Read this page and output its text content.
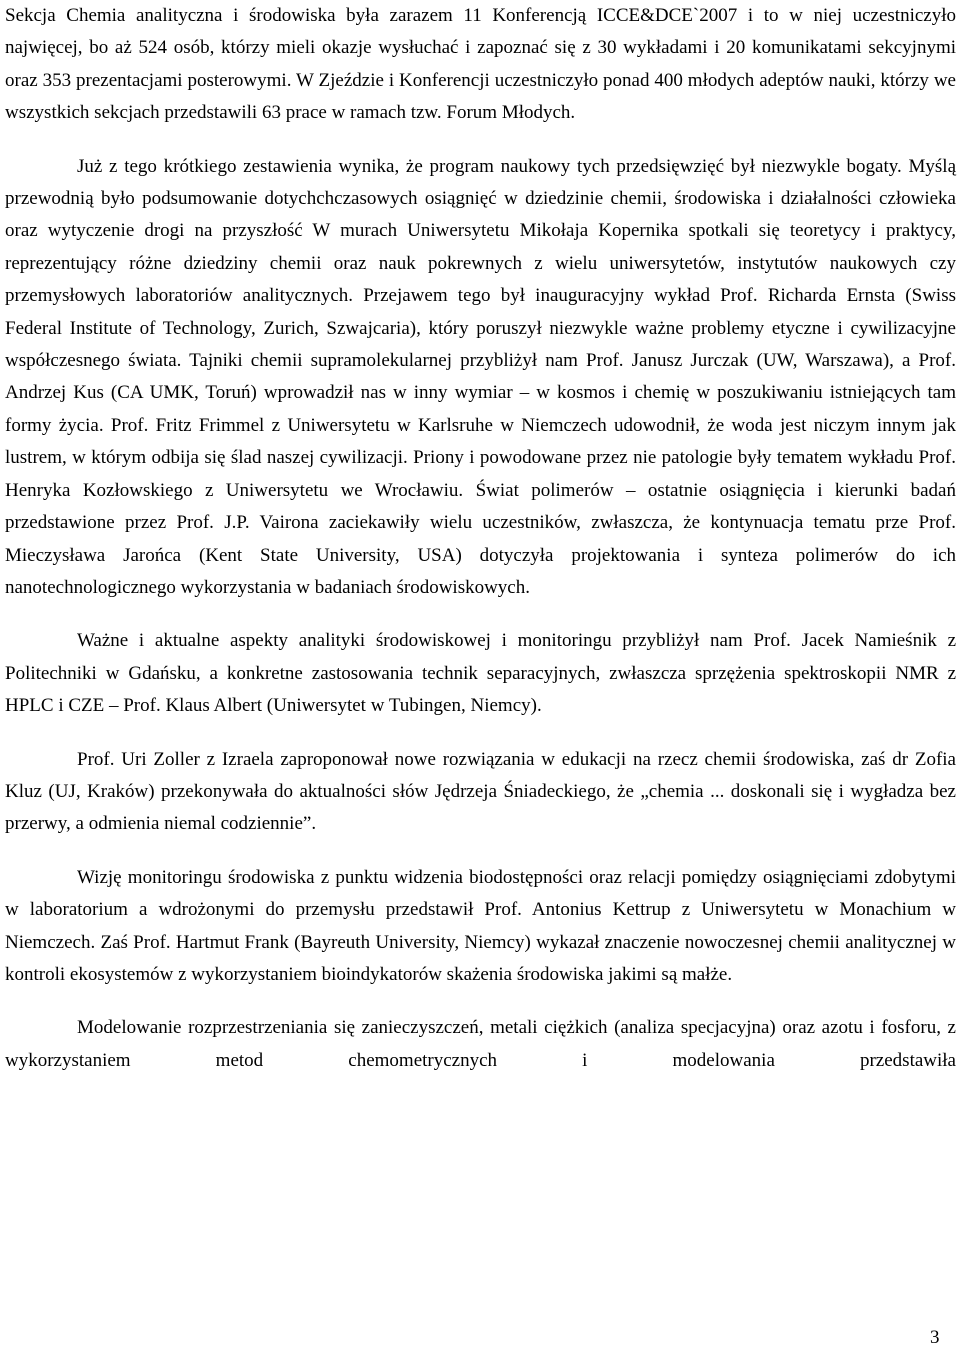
Sekcja Chemia analityczna i środowiska była zarazem 11 Konferencją ICCE&DCE`2007 i to w niej uczestniczyło najwięcej, bo aż 524 osób, którzy mieli okazje wysłuchać i zapoznać się z 30 wykładami i 20 komunikatami sekcyjnymi oraz 353 prezentacjami posterowymi. W Zjeździe i Konferencji uczestniczyło ponad 400 młodych adeptów nauki, którzy we wszystkich sekcjach przedstawili 63 prace w ramach tzw. Forum Młodych.

Już z tego krótkiego zestawienia wynika, że program naukowy tych przedsięwzięć był niezwykle bogaty. Myślą przewodnią było podsumowanie dotychchczasowych osiągnięć w dziedzinie chemii, środowiska i działalności człowieka oraz wytyczenie drogi na przyszłość W murach Uniwersytetu Mikołaja Kopernika spotkali się teoretycy i praktycy, reprezentujący różne dziedziny chemii oraz nauk pokrewnych z wielu uniwersytetów, instytutów naukowych czy przemysłowych laboratoriów analitycznych. Przejawem tego był inauguracyjny wykład Prof. Richarda Ernsta (Swiss Federal Institute of Technology, Zurich, Szwajcaria), który poruszył niezwykle ważne problemy etyczne i cywilizacyjne współczesnego świata. Tajniki chemii supramolekularnej przybliżył nam Prof. Janusz Jurczak (UW, Warszawa), a Prof. Andrzej Kus (CA UMK, Toruń) wprowadził nas w inny wymiar – w kosmos i chemię w poszukiwaniu istniejących tam formy życia. Prof. Fritz Frimmel z Uniwersytetu w Karlsruhe w Niemczech udowodnił, że woda jest niczym innym jak lustrem, w którym odbija się ślad naszej cywilizacji. Priony i powodowane przez nie patologie były tematem wykładu Prof. Henryka Kozłowskiego z Uniwersytetu we Wrocławiu. Świat polimerów – ostatnie osiągnięcia i kierunki badań przedstawione przez Prof. J.P. Vairona zaciekawiły wielu uczestników, zwłaszcza, że kontynuacja tematu prze Prof. Mieczysława Jarońca (Kent State University, USA) dotyczyła projektowania i synteza polimerów do ich nanotechnologicznego wykorzystania w badaniach środowiskowych.

Ważne i aktualne aspekty analityki środowiskowej i monitoringu przybliżył nam Prof. Jacek Namieśnik z Politechniki w Gdańsku, a konkretne zastosowania technik separacyjnych, zwłaszcza sprzężenia spektroskopii NMR z HPLC i CZE – Prof. Klaus Albert (Uniwersytet w Tubingen, Niemcy).

Prof. Uri Zoller z Izraela zaproponował nowe rozwiązania w edukacji na rzecz chemii środowiska, zaś dr Zofia Kluz (UJ, Kraków) przekonywała do aktualności słów Jędrzeja Śniadeckiego, że „chemia ... doskonali się i wygładza bez przerwy, a odmienia niemal codziennie”.

Wizję monitoringu środowiska z punktu widzenia biodostępności oraz relacji pomiędzy osiągnięciami zdobytymi w laboratorium a wdrożonymi do przemysłu przedstawił Prof. Antonius Kettrup z Uniwersytetu w Monachium w Niemczech. Zaś Prof. Hartmut Frank (Bayreuth University, Niemcy) wykazał znaczenie nowoczesnej chemii analitycznej w kontroli ekosystemów z wykorzystaniem bioindykatorów skażenia środowiska jakimi są małże.

Modelowanie rozprzestrzeniania się zanieczyszczeń, metali ciężkich (analiza specjacyjna) oraz azotu i fosforu, z wykorzystaniem metod chemometrycznych i modelowania przedstawiła

3
